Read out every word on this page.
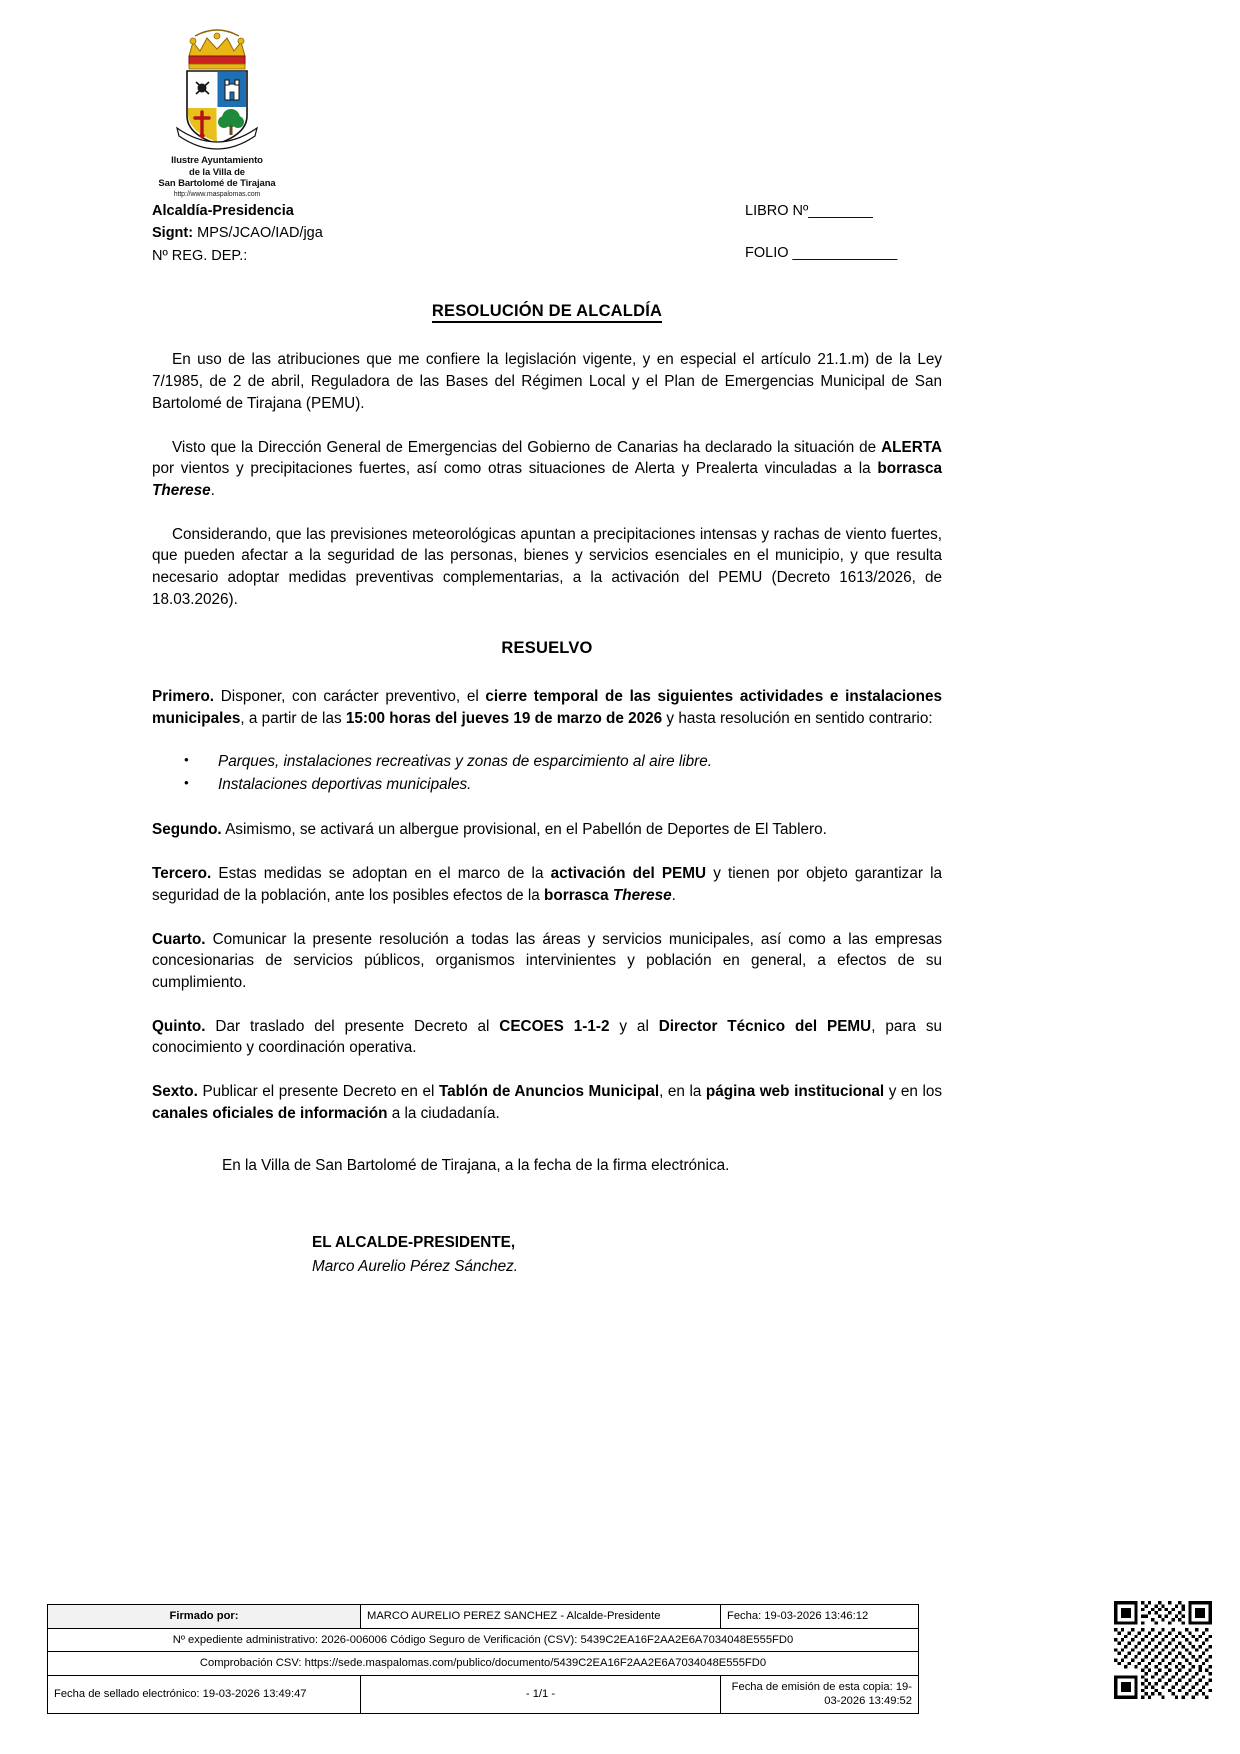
Ilustre Ayuntamiento
de la Villa de
San Bartolomé de Tirajana
http://www.maspalomas.com
Alcaldía-Presidencia
Signt: MPS/JCAO/IAD/jga
Nº REG. DEP.:
LIBRO Nº________
FOLIO _____________
RESOLUCIÓN DE ALCALDÍA

En uso de las atribuciones que me confiere la legislación vigente, y en especial el artículo 21.1.m) de la Ley 7/1985, de 2 de abril, Reguladora de las Bases del Régimen Local y el Plan de Emergencias Municipal de San Bartolomé de Tirajana (PEMU).

Visto que la Dirección General de Emergencias del Gobierno de Canarias ha declarado la situación de ALERTA por vientos y precipitaciones fuertes, así como otras situaciones de Alerta y Prealerta vinculadas a la borrasca Therese.

Considerando, que las previsiones meteorológicas apuntan a precipitaciones intensas y rachas de viento fuertes, que pueden afectar a la seguridad de las personas, bienes y servicios esenciales en el municipio, y que resulta necesario adoptar medidas preventivas complementarias, a la activación del PEMU (Decreto 1613/2026, de 18.03.2026).

RESUELVO

Primero. Disponer, con carácter preventivo, el cierre temporal de las siguientes actividades e instalaciones municipales, a partir de las 15:00 horas del jueves 19 de marzo de 2026 y hasta resolución en sentido contrario:

• Parques, instalaciones recreativas y zonas de esparcimiento al aire libre.
• Instalaciones deportivas municipales.

Segundo. Asimismo, se activará un albergue provisional, en el Pabellón de Deportes de El Tablero.

Tercero. Estas medidas se adoptan en el marco de la activación del PEMU y tienen por objeto garantizar la seguridad de la población, ante los posibles efectos de la borrasca Therese.

Cuarto. Comunicar la presente resolución a todas las áreas y servicios municipales, así como a las empresas concesionarias de servicios públicos, organismos intervinientes y población en general, a efectos de su cumplimiento.

Quinto. Dar traslado del presente Decreto al CECOES 1-1-2 y al Director Técnico del PEMU, para su conocimiento y coordinación operativa.

Sexto. Publicar el presente Decreto en el Tablón de Anuncios Municipal, en la página web institucional y en los canales oficiales de información a la ciudadanía.

En la Villa de San Bartolomé de Tirajana, a la fecha de la firma electrónica.

EL ALCALDE-PRESIDENTE,
Marco Aurelio Pérez Sánchez.
Firmado por:	MARCO AURELIO PEREZ SANCHEZ - Alcalde-Presidente	Fecha: 19-03-2026 13:46:12
Nº expediente administrativo: 2026-006006 Código Seguro de Verificación (CSV): 5439C2EA16F2AA2E6A7034048E555FD0		
Comprobación CSV: https://sede.maspalomas.com/publico/documento/5439C2EA16F2AA2E6A7034048E555FD0		
Fecha de sellado electrónico: 19-03-2026 13:49:47	- 1/1 -	Fecha de emisión de esta copia: 19-03-2026 13:49:52
